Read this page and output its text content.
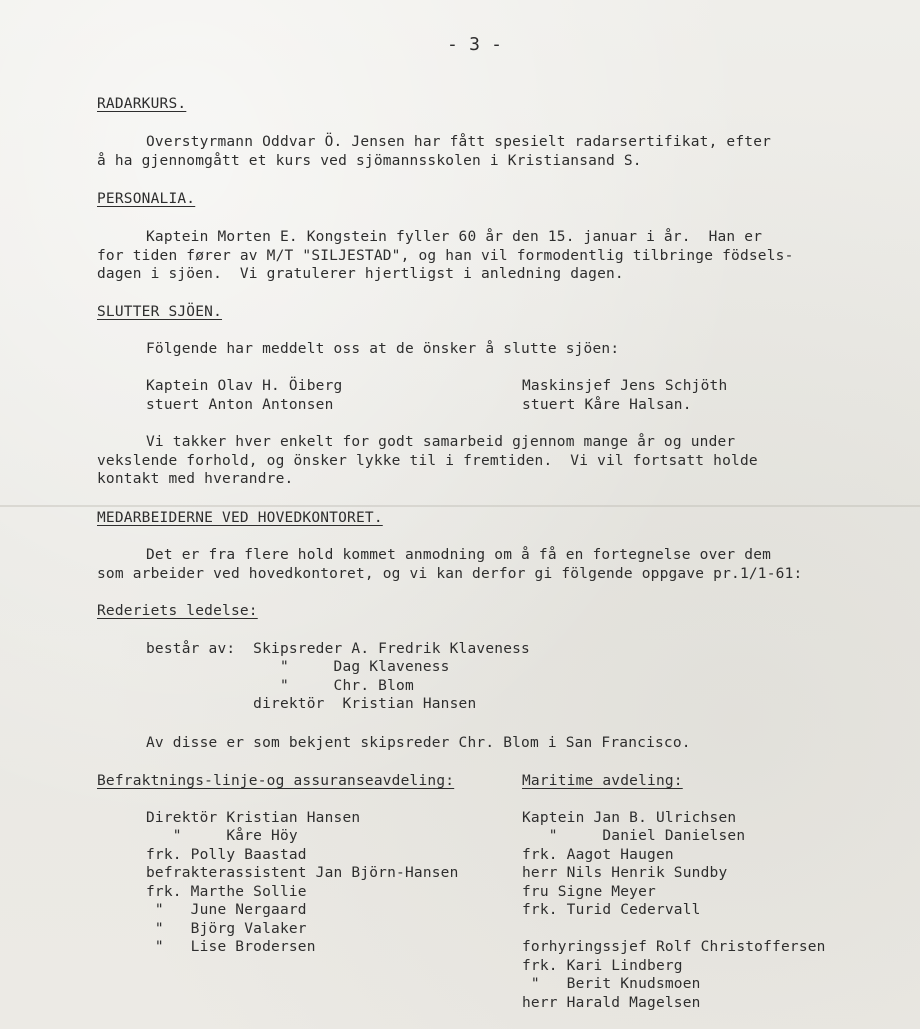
- 3 -
RADARKURS.
Overstyrmann Oddvar Ö. Jensen har fått spesielt radarsertifikat, efter
å ha gjennomgått et kurs ved sjömannsskolen i Kristiansand S.
PERSONALIA.
Kaptein Morten E. Kongstein fyller 60 år den 15. januar i år.  Han er
for tiden fører av M/T "SILJESTAD", og han vil formodentlig tilbringe födsels-
dagen i sjöen.  Vi gratulerer hjertligst i anledning dagen.
SLUTTER SJÖEN.
Fölgende har meddelt oss at de önsker å slutte sjöen:
Kaptein Olav H. Öiberg
stuert Anton Antonsen
Maskinsjef Jens Schjöth
stuert Kåre Halsan.
Vi takker hver enkelt for godt samarbeid gjennom mange år og under
vekslende forhold, og önsker lykke til i fremtiden.  Vi vil fortsatt holde
kontakt med hverandre.
MEDARBEIDERNE VED HOVEDKONTORET.
Det er fra flere hold kommet anmodning om å få en fortegnelse over dem
som arbeider ved hovedkontoret, og vi kan derfor gi fölgende oppgave pr.1/1-61:
Rederiets ledelse:
består av:  Skipsreder A. Fredrik Klaveness
"     Dag Klaveness
"     Chr. Blom
direktör  Kristian Hansen
Av disse er som bekjent skipsreder Chr. Blom i San Francisco.
Befraktnings-linje-og assuranseavdeling:	Maritime avdeling:
Direktör Kristian Hansen
"     Kåre Höy
frk. Polly Baastad
befrakterassistent Jan Björn-Hansen
frk. Marthe Sollie
"   June Nergaard
"   Björg Valaker
"   Lise Brodersen
Kaptein Jan B. Ulrichsen
"     Daniel Danielsen
frk. Aagot Haugen
herr Nils Henrik Sundby
fru Signe Meyer
frk. Turid Cedervall
forhyringssjef Rolf Christoffersen
frk. Kari Lindberg
"   Berit Knudsmoen
herr Harald Magelsen
